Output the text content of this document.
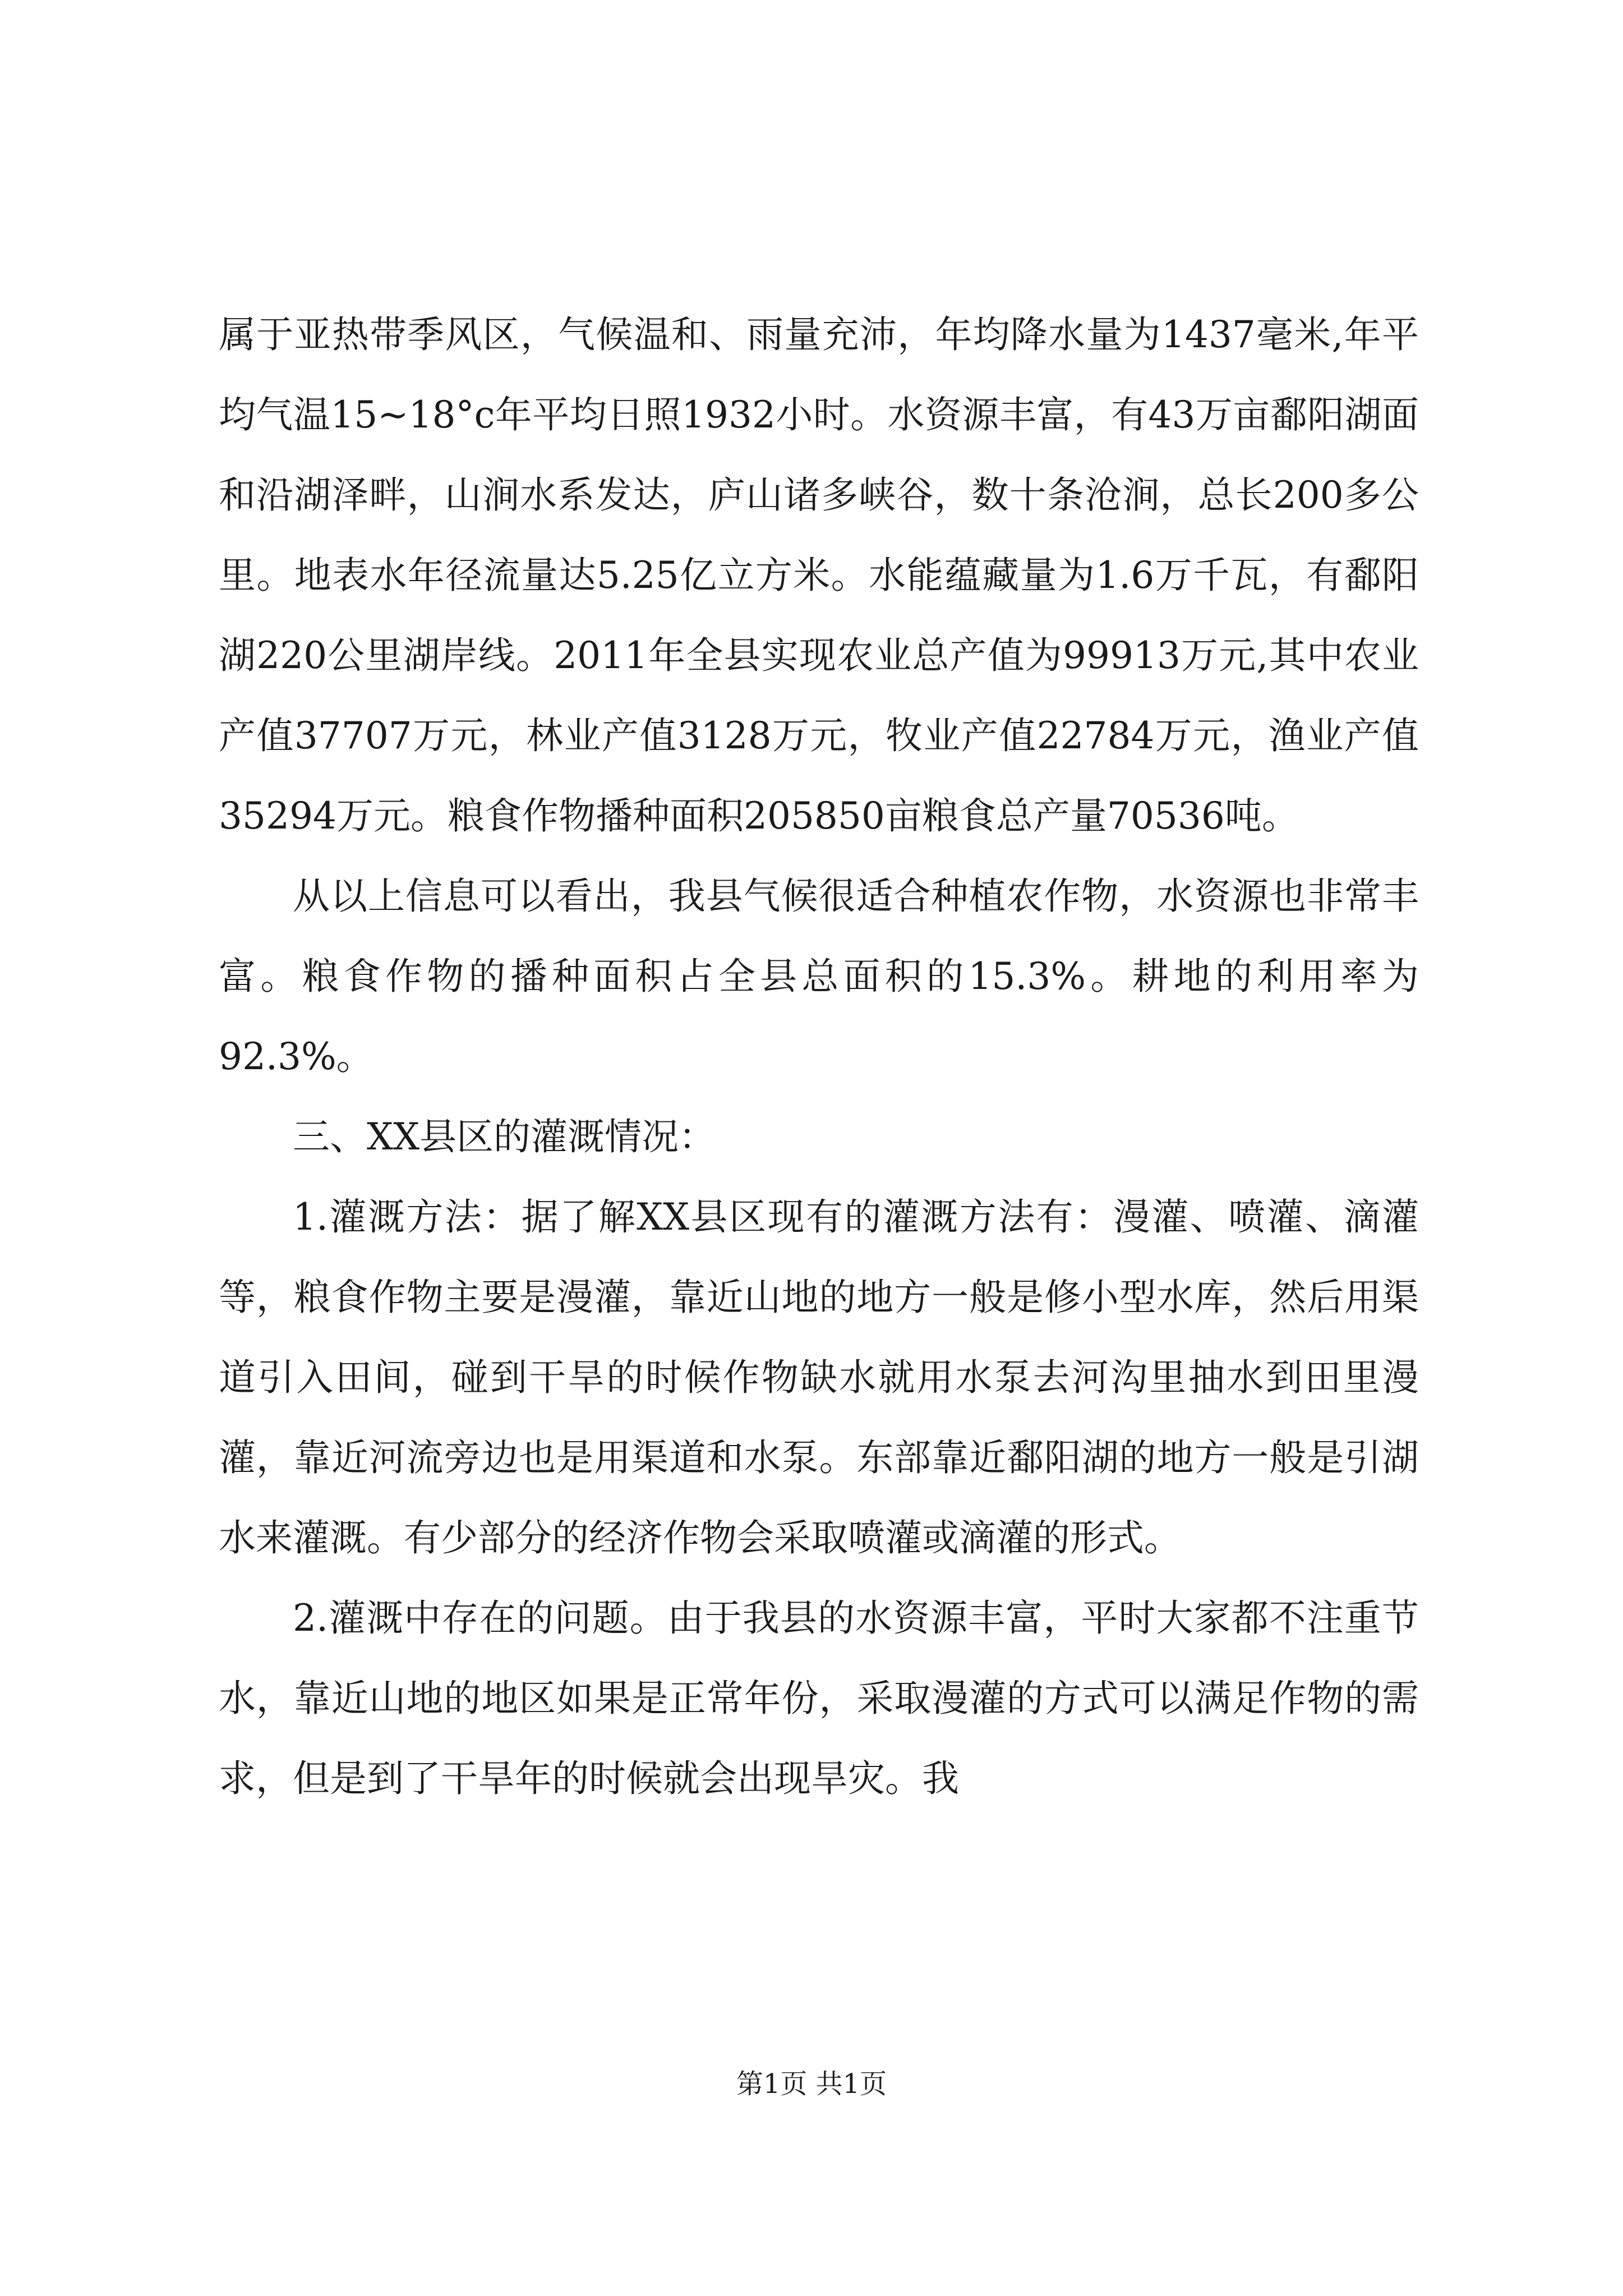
属于亚热带季风区，气候温和、雨量充沛，年均降水量为1437毫米,年平均气温15~18°c年平均日照1932小时。水资源丰富，有43万亩鄱阳湖面和沿湖泽畔，山涧水系发达，庐山诸多峡谷，数十条沧涧，总长200多公里。地表水年径流量达5.25亿立方米。水能蕴藏量为1.6万千瓦，有鄱阳湖220公里湖岸线。2011年全县实现农业总产值为99913万元,其中农业产值37707万元，林业产值3128万元，牧业产值22784万元，渔业产值35294万元。粮食作物播种面积205850亩粮食总产量70536吨。

从以上信息可以看出，我县气候很适合种植农作物，水资源也非常丰富。粮食作物的播种面积占全县总面积的15.3%。耕地的利用率为92.3%。

三、XX县区的灌溉情况：

1.灌溉方法：据了解XX县区现有的灌溉方法有：漫灌、喷灌、滴灌等，粮食作物主要是漫灌，靠近山地的地方一般是修小型水库，然后用渠道引入田间，碰到干旱的时候作物缺水就用水泵去河沟里抽水到田里漫灌，靠近河流旁边也是用渠道和水泵。东部靠近鄱阳湖的地方一般是引湖水来灌溉。有少部分的经济作物会采取喷灌或滴灌的形式。

2.灌溉中存在的问题。由于我县的水资源丰富，平时大家都不注重节水，靠近山地的地区如果是正常年份，采取漫灌的方式可以满足作物的需求，但是到了干旱年的时候就会出现旱灾。我

第1页 共1页
